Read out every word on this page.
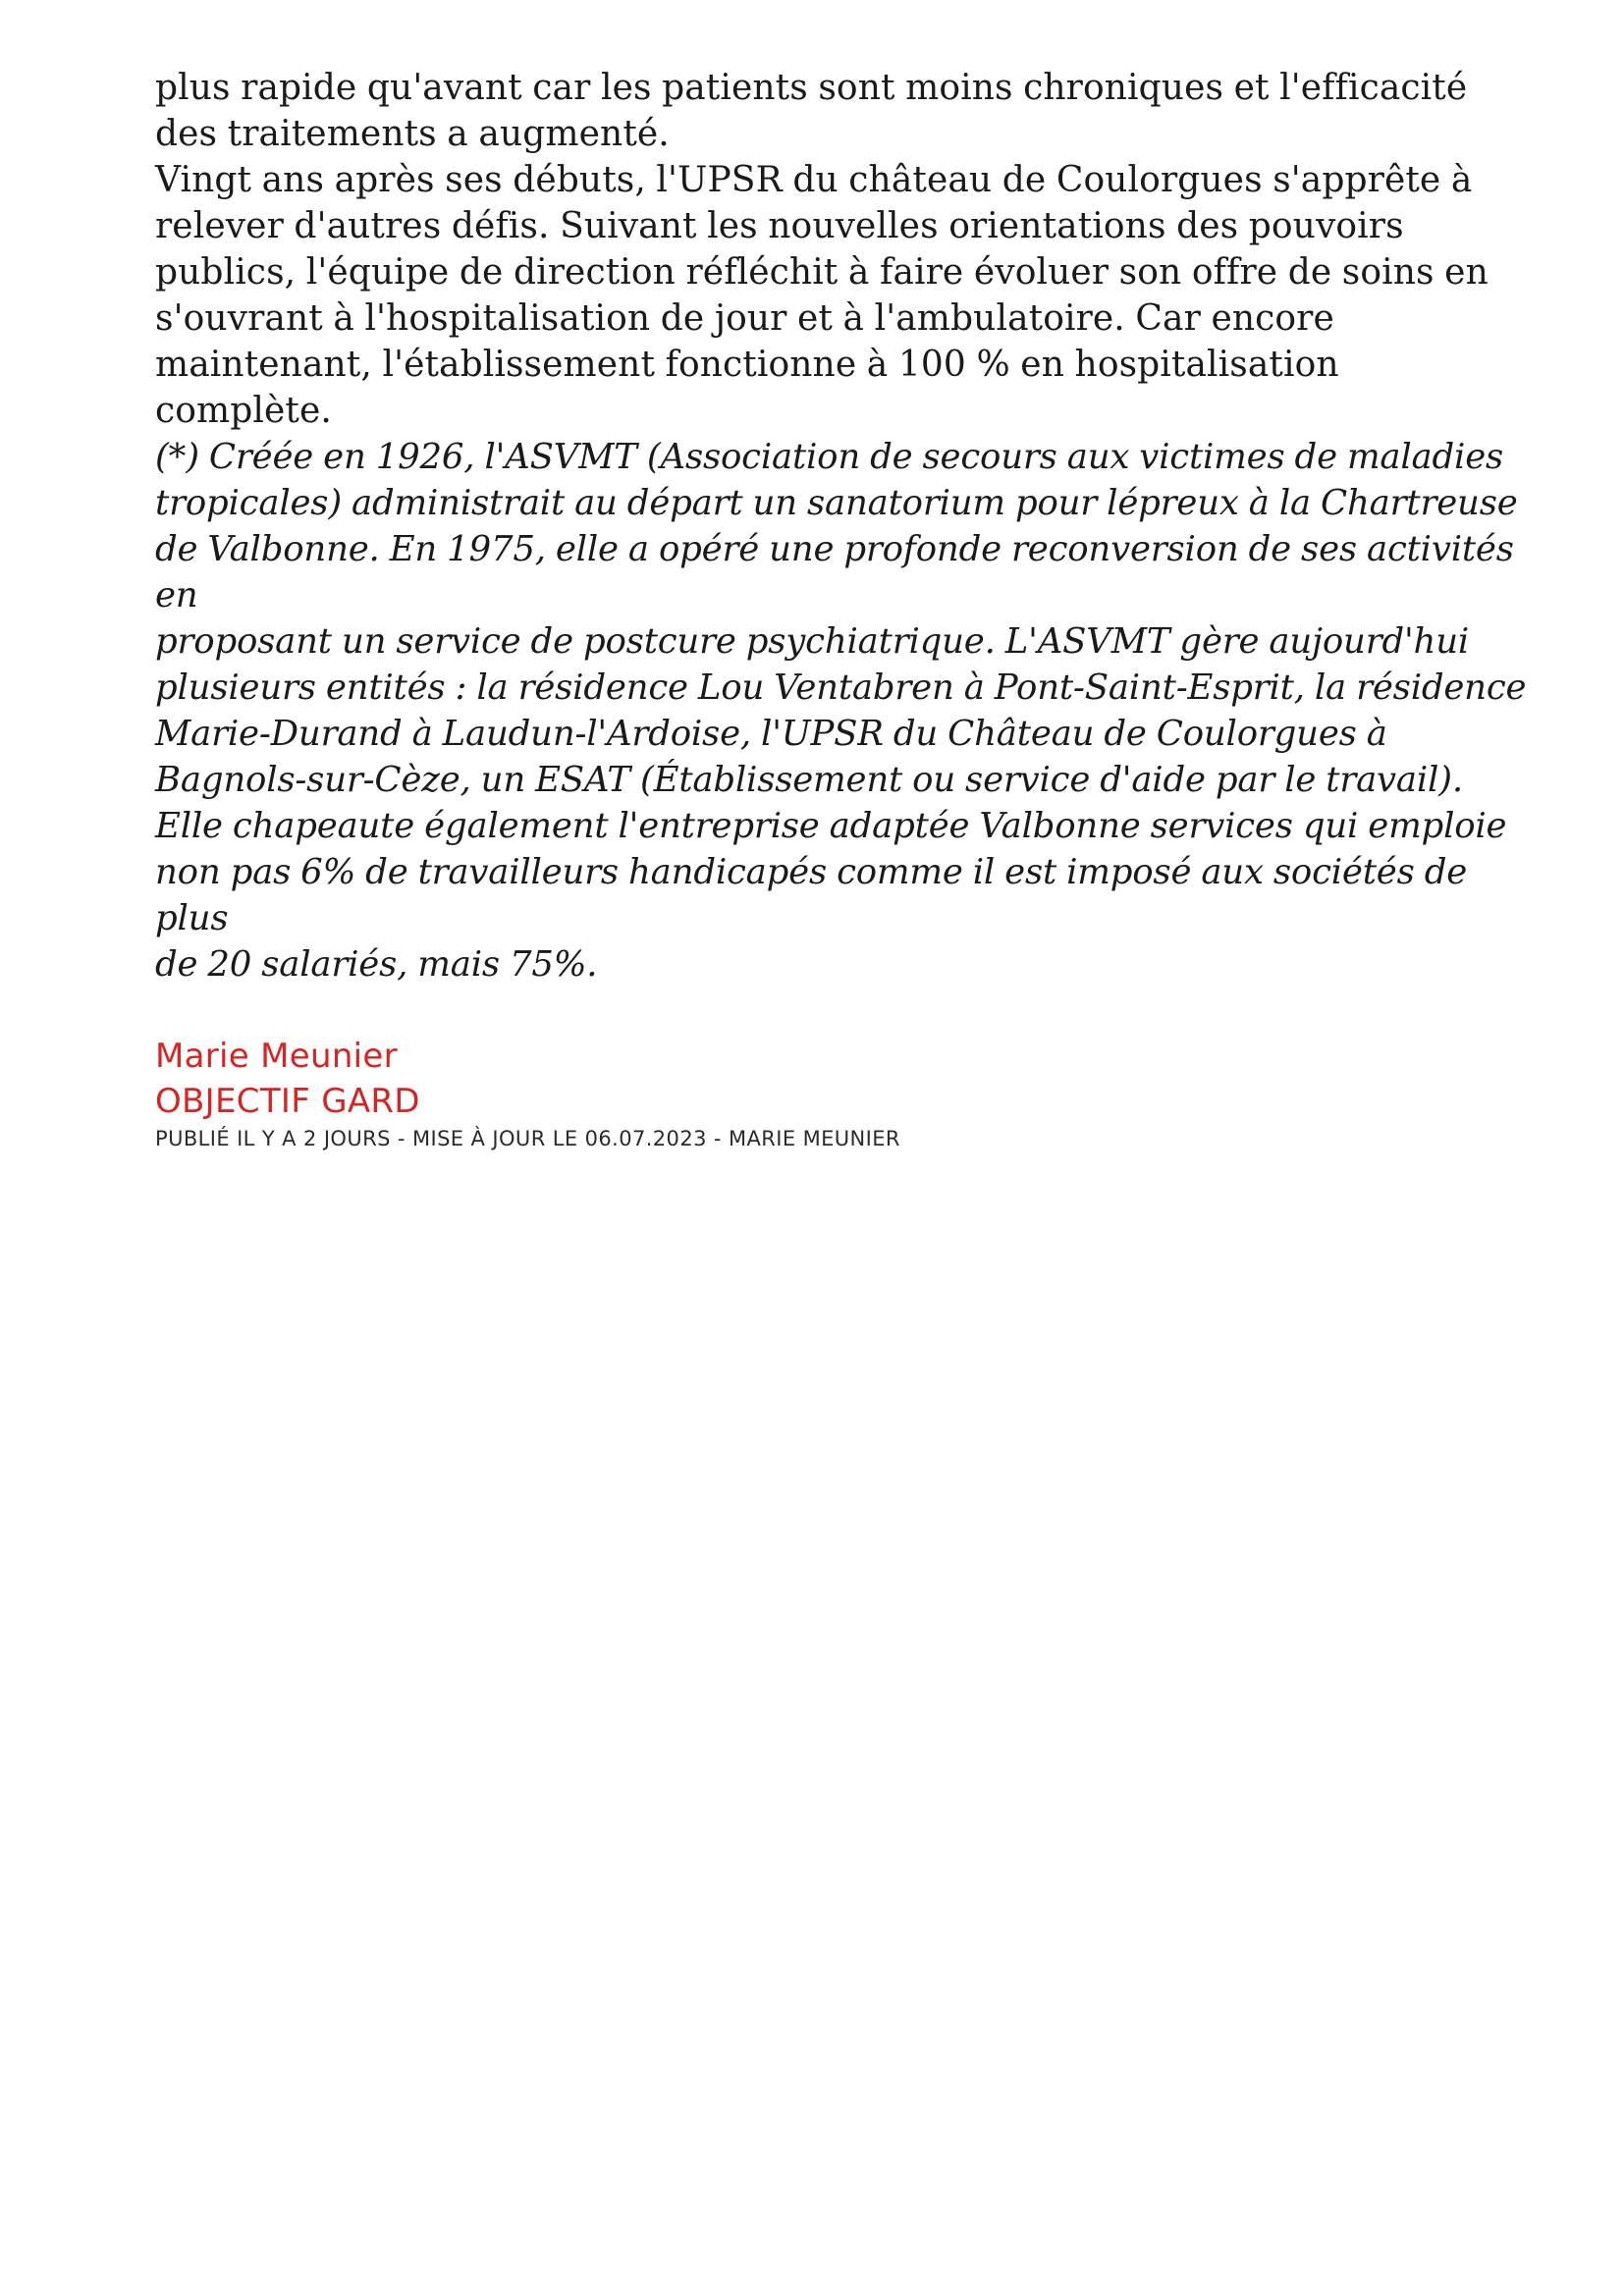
plus rapide qu'avant car les patients sont moins chroniques et l'efficacité
des traitements a augmenté.
Vingt ans après ses débuts, l'UPSR du château de Coulorgues s'apprête à
relever d'autres défis. Suivant les nouvelles orientations des pouvoirs
publics, l'équipe de direction réfléchit à faire évoluer son offre de soins en
s'ouvrant à l'hospitalisation de jour et à l'ambulatoire. Car encore
maintenant, l'établissement fonctionne à 100 % en hospitalisation
complète.
(*) Créée en 1926, l'ASVMT (Association de secours aux victimes de maladies
tropicales) administrait au départ un sanatorium pour lépreux à la Chartreuse
de Valbonne. En 1975, elle a opéré une profonde reconversion de ses activités en
proposant un service de postcure psychiatrique. L'ASVMT gère aujourd'hui
plusieurs entités : la résidence Lou Ventabren à Pont-Saint-Esprit, la résidence
Marie-Durand à Laudun-l'Ardoise, l'UPSR du Château de Coulorgues à
Bagnols-sur-Cèze, un ESAT (Établissement ou service d'aide par le travail).
Elle chapeaute également l'entreprise adaptée Valbonne services qui emploie
non pas 6% de travailleurs handicapés comme il est imposé aux sociétés de plus
de 20 salariés, mais 75%.

Marie Meunier

OBJECTIF GARD

PUBLIÉ IL Y A 2 JOURS - MISE À JOUR LE 06.07.2023 - MARIE MEUNIER
